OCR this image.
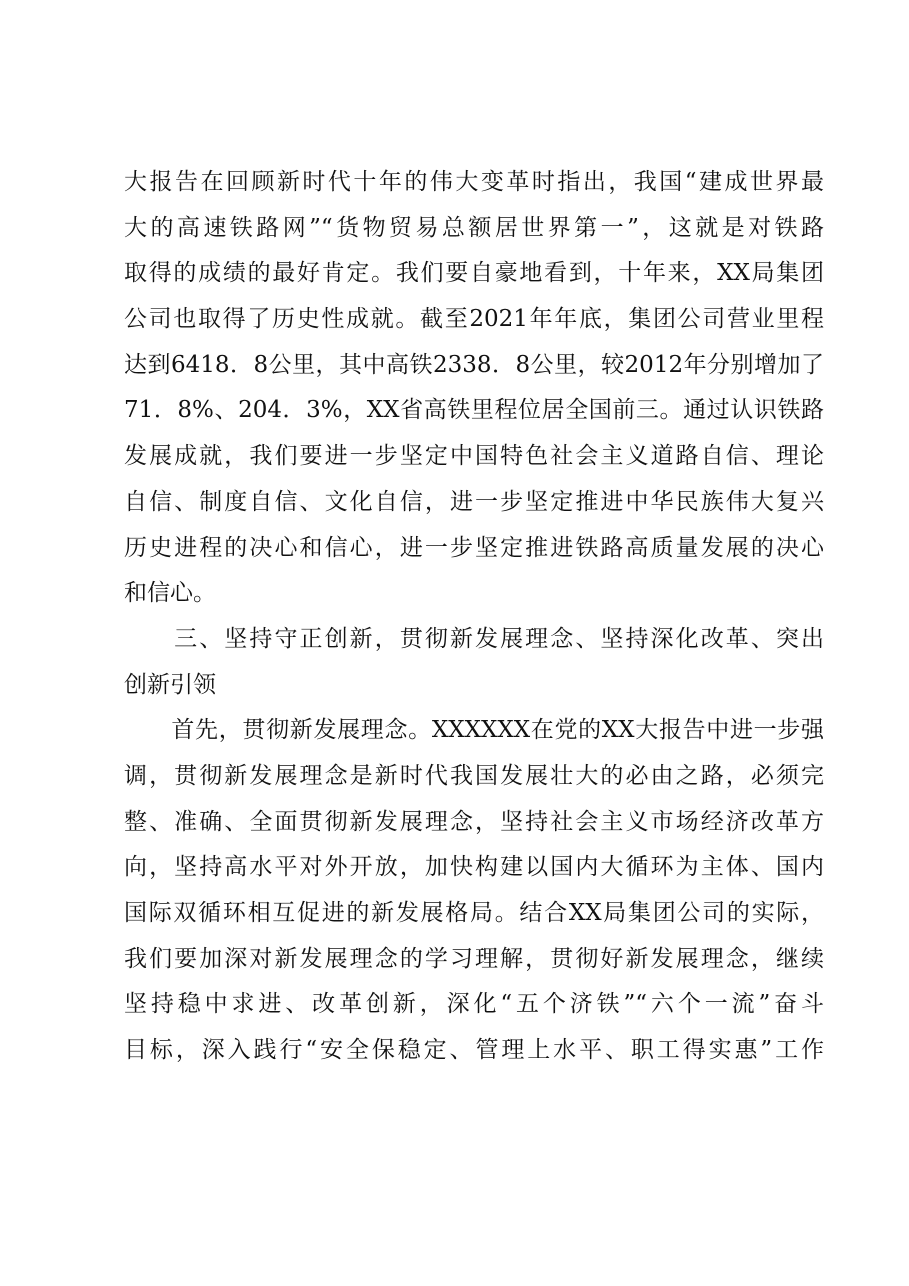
大报告在回顾新时代十年的伟大变革时指出，我国“建成世界最
大的高速铁路网”“货物贸易总额居世界第一”，这就是对铁路
取得的成绩的最好肯定。我们要自豪地看到，十年来，XX局集团
公司也取得了历史性成就。截至2021年年底，集团公司营业里程
达到6418．8公里，其中高铁2338．8公里，较2012年分别增加了
71．8%、204．3%，XX省高铁里程位居全国前三。通过认识铁路
发展成就，我们要进一步坚定中国特色社会主义道路自信、理论
自信、制度自信、文化自信，进一步坚定推进中华民族伟大复兴
历史进程的决心和信心，进一步坚定推进铁路高质量发展的决心
和信心。
　　三、坚持守正创新，贯彻新发展理念、坚持深化改革、突出
创新引领
　　首先，贯彻新发展理念。XXXXXX在党的XX大报告中进一步强
调，贯彻新发展理念是新时代我国发展壮大的必由之路，必须完
整、准确、全面贯彻新发展理念，坚持社会主义市场经济改革方
向，坚持高水平对外开放，加快构建以国内大循环为主体、国内
国际双循环相互促进的新发展格局。结合XX局集团公司的实际，
我们要加深对新发展理念的学习理解，贯彻好新发展理念，继续
坚持稳中求进、改革创新，深化“五个济铁”“六个一流”奋斗
目标，深入践行“安全保稳定、管理上水平、职工得实惠”工作
